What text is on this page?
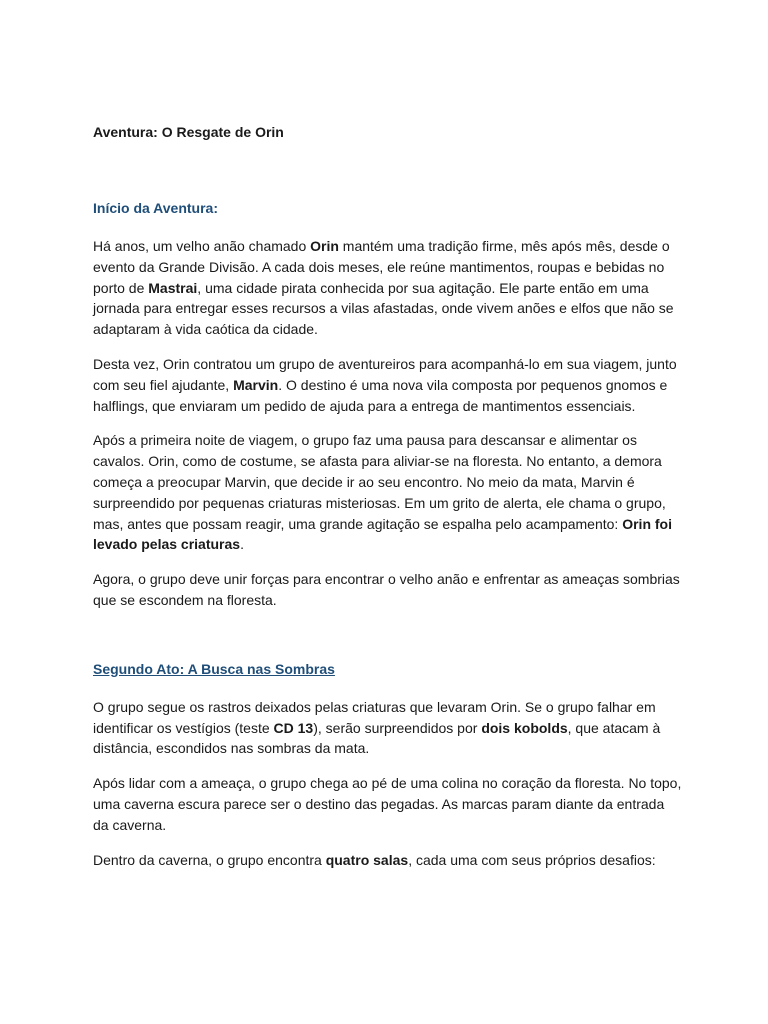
Aventura: O Resgate de Orin
Início da Aventura:

Há anos, um velho anão chamado Orin mantém uma tradição firme, mês após mês, desde o evento da Grande Divisão. A cada dois meses, ele reúne mantimentos, roupas e bebidas no porto de Mastrai, uma cidade pirata conhecida por sua agitação. Ele parte então em uma jornada para entregar esses recursos a vilas afastadas, onde vivem anões e elfos que não se adaptaram à vida caótica da cidade.

Desta vez, Orin contratou um grupo de aventureiros para acompanhá-lo em sua viagem, junto com seu fiel ajudante, Marvin. O destino é uma nova vila composta por pequenos gnomos e halflings, que enviaram um pedido de ajuda para a entrega de mantimentos essenciais.

Após a primeira noite de viagem, o grupo faz uma pausa para descansar e alimentar os cavalos. Orin, como de costume, se afasta para aliviar-se na floresta. No entanto, a demora começa a preocupar Marvin, que decide ir ao seu encontro. No meio da mata, Marvin é surpreendido por pequenas criaturas misteriosas. Em um grito de alerta, ele chama o grupo, mas, antes que possam reagir, uma grande agitação se espalha pelo acampamento: Orin foi levado pelas criaturas.

Agora, o grupo deve unir forças para encontrar o velho anão e enfrentar as ameaças sombrias que se escondem na floresta.

Segundo Ato: A Busca nas Sombras

O grupo segue os rastros deixados pelas criaturas que levaram Orin. Se o grupo falhar em identificar os vestígios (teste CD 13), serão surpreendidos por dois kobolds, que atacam à distância, escondidos nas sombras da mata.

Após lidar com a ameaça, o grupo chega ao pé de uma colina no coração da floresta. No topo, uma caverna escura parece ser o destino das pegadas. As marcas param diante da entrada da caverna.

Dentro da caverna, o grupo encontra quatro salas, cada uma com seus próprios desafios:
